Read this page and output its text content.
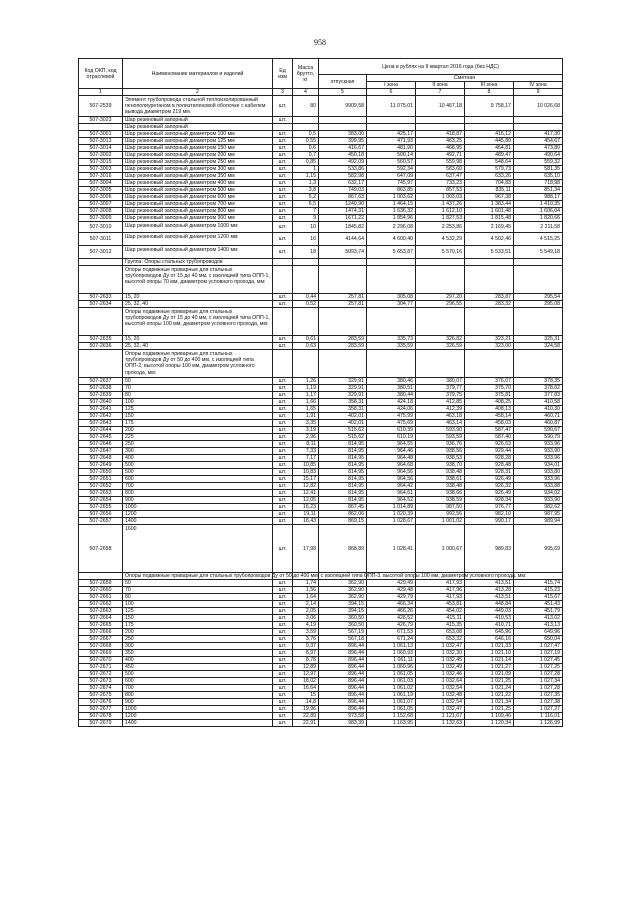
958
Код ОКП, код отраслевой	Наименование материалов и изделий	Ед изм	Масса брутто, кг	Цена в рублях на II квартал 2016 года (без НДС)				
				отпускная	Сметная			
					I зона	II зона	III зона	IV зона
1	2	3	4	5	6	7	8	9
507-2539	Элемент трубопровода стальной теплоизолированный пенополиуретаном в полиэтиленовой оболочке с кабелем вывода диаметром 219 мм	шт.	80	9909,58	11 075,01	10 467,18	9 758,17	10 026,68
507-3023	Шар резиновый запорный	шт.						
	Шар резиновый запорный							
507-3001	Шар резиновый запорный диаметром 100 мм	шт.	0,5	383,00	425,17	418,87	416,12	417,30
507-3013	Шар резиновый запорный диаметром 125 мм	шт.	0,55	399,95	471,93	463,25	445,80	454,67
507-3014	Шар резиновый запорный диаметром 150 мм	шт.	0,6	416,67	481,90	468,95	464,81	473,80
507-3002	Шар резиновый запорный диаметром 200 мм	шт.	0,7	450,18	500,14	492,71	489,47	490,64
507-3015	Шар резиновый запорный диаметром 250 мм	шт.	0,85	492,09	560,57	559,98	548,64	559,32
507-3003	Шар резиновый запорный диаметром 300 мм	шт.	1	533,86	592,34	583,60	579,73	581,35
507-3016	Шар резиновый запорный диаметром 350 мм	шт.	1,15	582,98	647,09	637,47	633,26	635,10
507-3004	Шар резиновый запорный диаметром 400 мм	шт.	1,3	632,17	745,97	733,23	704,83	718,98
507-3005	Шар резиновый запорный диаметром 500 мм	шт.	3,8	749,03	863,85	857,53	835,11	851,34
507-3006	Шар резиновый запорный диаметром 600 мм	шт.	5,2	867,63	1 003,62	1 003,03	967,38	988,17
507-3007	Шар резиновый запорный диаметром 700 мм	шт.	6,5	1240,90	1 464,15	1 437,26	1 383,44	1 410,35
507-3008	Шар резиновый запорный диаметром 800 мм	шт.	7	1474,31	1 636,32	1 612,10	1 601,48	1 606,04
507-3009	Шар резиновый запорный диаметром 900 мм	шт.	9	1671,22	1 854,96	1 827,53	1 815,48	1 820,66
507-3010	Шар резиновый запорный диаметром 1000 мм	шт.	10	1845,82	2 296,08	2 253,86	2 169,45	2 211,58
507-3011	Шар резиновый запорный диаметром 1200 мм	шт.	16	4144,64	4 600,40	4 532,29	4 502,46	4 515,25
507-3012	Шар резиновый запорный диаметром 1400 мм	шт.	18	5093,74	5 653,87	5 570,16	5 533,51	5 549,18
	Группа: Опоры стальных трубопроводов							
	Опоры подвижные приварные для стальных трубопроводов Ду от 15 до 40 мм, с изоляцией типа ОПП-1, высотой опоры 70 мм, диаметром условного прохода, мм:							
507-2633	15, 20	шт.	0,44	257,81	305,08	297,20	283,87	295,54
507-2634	25, 32, 40	шт.	0,52	257,81	304,77	296,55	283,32	295,08
	Опоры подвижные приварные для стальных трубопроводов Ду от 15 до 40 мм, с изоляцией типа ОПП-1, высотой опоры 100 мм, диаметром условного прохода, мм:							
507-2635	15, 20	шт.	0,61	283,59	335,73	326,82	323,21	325,31
507-2636	25, 32, 40	шт.	0,63	283,59	335,59	326,59	323,00	324,58
	Опоры подвижные приварные для стальных трубопроводов Ду от 50 до 400 мм, с изоляцией типа ОПП-2, высотой опоры 100 мм, диаметром условного прохода, мм:							
507-2637	50	шт.	1,26	329,91	380,46	380,07	376,07	378,35
507-2638	70	шт.	1,19	329,91	380,51	379,77	375,70	378,02
507-2639	80	шт.	1,17	329,91	380,44	379,75	375,81	377,83
507-2640	100	шт.	1,66	358,31	424,18	412,85	408,25	410,58
507-2641	125	шт.	1,65	358,31	424,06	412,39	408,13	410,30
507-2642	150	шт.	1,91	402,01	475,99	463,18	458,14	460,71
507-2643	175	шт.	3,35	402,01	475,69	463,14	458,03	460,87
507-2644	200	шт.	3,19	515,62	610,39	593,90	587,47	590,67
507-2645	225	шт.	2,96	515,62	610,19	593,59	587,40	590,79
507-2646	250	шт.	8,11	814,95	964,55	936,76	926,63	933,96
507-2647	300	шт.	7,33	814,95	964,46	938,56	929,44	933,90
507-2648	400	шт.	7,17	814,95	964,48	938,53	928,28	933,96
507-2649	500	шт.	10,85	814,95	964,68	938,70	928,48	934,01
507-2650	500	шт.	10,83	814,95	964,56	938,48	928,31	933,80
507-2651	600	шт.	15,17	814,95	964,56	938,61	926,49	933,96
507-2652	700	шт.	12,82	814,95	964,42	938,48	926,32	933,88
507-2653	800	шт.	12,41	814,95	964,61	938,66	926,49	934,02
507-2654	900	шт.	12,05	814,95	964,52	938,59	928,34	933,90
507-2655	1000	шт.	16,23	867,45	1 014,89	987,50	976,77	982,62
507-2656	1200	шт.	19,11	862,06	1 020,39	992,56	982,10	987,95
507-2657	1400	шт.	18,43	869,15	1 028,67	1 001,02	990,17	989,94
507-2658	1600	шт.	17,98	868,89	1 028,41	1 000,67	989,83	995,69
	Опоры подвижные приварные для стальных трубопроводов Ду от 50 до 400 мм, с изоляцией типа ОПП-3, высотой опоры 100 мм, диаметром условного прохода, мм:							
507-2659	50	шт.	1,74	362,90	429,49	417,93	413,51	415,74
507-2660	70	шт.	1,56	362,90	429,48	417,96	413,28	415,23
507-2661	80	шт.	1,64	362,90	429,79	417,93	413,51	415,67
507-2662	100	шт.	2,14	394,15	466,34	453,81	448,84	451,43
507-2663	125	шт.	2,05	394,15	466,26	454,02	449,03	451,79
507-2664	150	шт.	3,06	360,50	426,52	415,11	410,53	413,02
507-2665	175	шт.	4,19	360,50	426,79	415,35	410,71	413,13
507-2666	200	шт.	3,59	567,19	671,53	653,08	645,96	649,96
507-2667	250	шт.	3,76	567,18	671,24	653,32	646,16	650,04
507-2668	300	шт.	9,37	896,44	1 061,13	1 032,47	1 021,33	1 027,47
507-2669	350	шт.	8,97	896,44	1 060,93	1 032,30	1 021,10	1 027,19
507-2670	400	шт.	8,78	896,44	1 061,11	1 032,45	1 021,14	1 027,45
507-2671	450	шт.	12,89	896,44	1 060,96	1 032,49	1 021,27	1 027,25
507-2672	500	шт.	12,97	896,44	1 061,05	1 032,46	1 021,09	1 027,28
507-2673	600	шт.	18,02	896,44	1 061,03	1 032,64	1 021,25	1 027,34
507-2674	700	шт.	16,64	896,44	1 061,02	1 032,54	1 021,24	1 027,28
507-2675	800	шт.	15	896,44	1 061,19	1 032,48	1 021,22	1 027,35
507-2676	900	шт.	14,8	896,44	1 061,07	1 032,54	1 021,34	1 027,38
507-2677	1000	шт.	19,96	896,44	1 061,05	1 032,47	1 021,25	1 027,27
507-2678	1200	шт.	22,89	973,58	1 152,68	1 121,67	1 109,46	1 116,01
507-2679	1400	шт.	22,91	983,39	1 163,95	1 132,63	1 120,34	1 126,99
